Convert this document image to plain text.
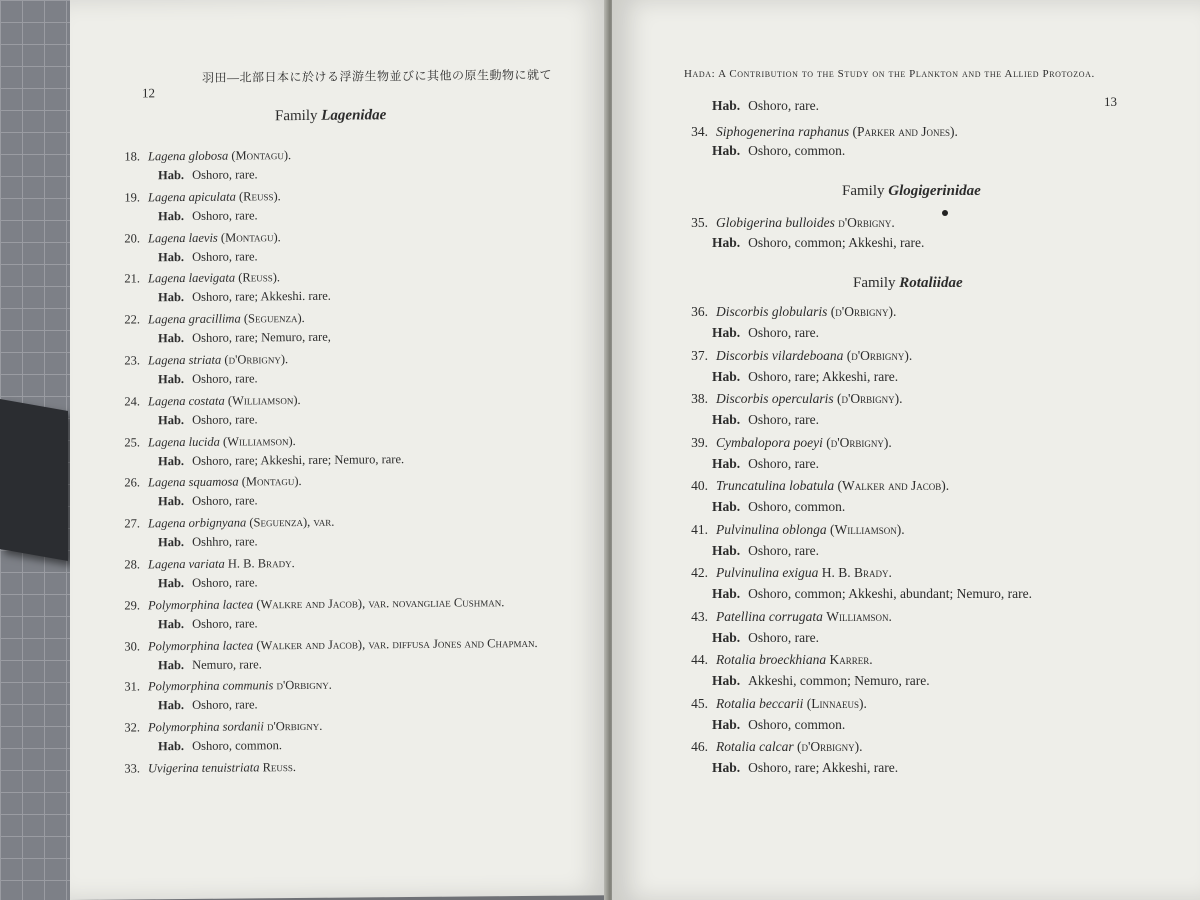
12
羽田—北部日本に於ける浮游生物並びに其他の原生動物に就て
Family Lagenidae
18. Lagena globosa (Montagu).
Hab. Oshoro, rare.
19. Lagena apiculata (Reuss).
Hab. Oshoro, rare.
20. Lagena laevis (Montagu).
Hab. Oshoro, rare.
21. Lagena laevigata (Reuss).
Hab. Oshoro, rare; Akkeshi. rare.
22. Lagena gracillima (Seguenza).
Hab. Oshoro, rare; Nemuro, rare,
23. Lagena striata (d'Orbigny).
Hab. Oshoro, rare.
24. Lagena costata (Williamson).
Hab. Oshoro, rare.
25. Lagena lucida (Williamson).
Hab. Oshoro, rare; Akkeshi, rare; Nemuro, rare.
26. Lagena squamosa (Montagu).
Hab. Oshoro, rare.
27. Lagena orbignyana (Seguenza), var.
Hab. Oshhro, rare.
28. Lagena variata H. B. Brady.
Hab. Oshoro, rare.
29. Polymorphina lactea (Walkre and Jacob), var. novangliae Cushman.
Hab. Oshoro, rare.
30. Polymorphina lactea (Walker and Jacob), var. diffusa Jones and Chapman.
Hab. Nemuro, rare.
31. Polymorphina communis d'Orbigny.
Hab. Oshoro, rare.
32. Polymorphina sordanii d'Orbigny.
Hab. Oshoro, common.
33. Uvigerina tenuistriata Reuss.
Hada: A Contribution to the Study on the Plankton and the Allied Protozoa.
13
Hab. Oshoro, rare.
34. Siphogenerina raphanus (Parker and Jones).
Hab. Oshoro, common.
Family Glogigerinidae
35. Globigerina bulloides d'Orbigny.
Hab. Oshoro, common; Akkeshi, rare.
Family Rotaliidae
36. Discorbis globularis (d'Orbigny).
Hab. Oshoro, rare.
37. Discorbis vilardeboana (d'Orbigny).
Hab. Oshoro, rare; Akkeshi, rare.
38. Discorbis opercularis (d'Orbigny).
Hab. Oshoro, rare.
39. Cymbalopora poeyi (d'Orbigny).
Hab. Oshoro, rare.
40. Truncatulina lobatula (Walker and Jacob).
Hab. Oshoro, common.
41. Pulvinulina oblonga (Williamson).
Hab. Oshoro, rare.
42. Pulvinulina exigua H. B. Brady.
Hab. Oshoro, common; Akkeshi, abundant; Nemuro, rare.
43. Patellina corrugata Williamson.
Hab. Oshoro, rare.
44. Rotalia broeckhiana Karrer.
Hab. Akkeshi, common; Nemuro, rare.
45. Rotalia beccarii (Linnaeus).
Hab. Oshoro, common.
46. Rotalia calcar (d'Orbigny).
Hab. Oshoro, rare; Akkeshi, rare.
